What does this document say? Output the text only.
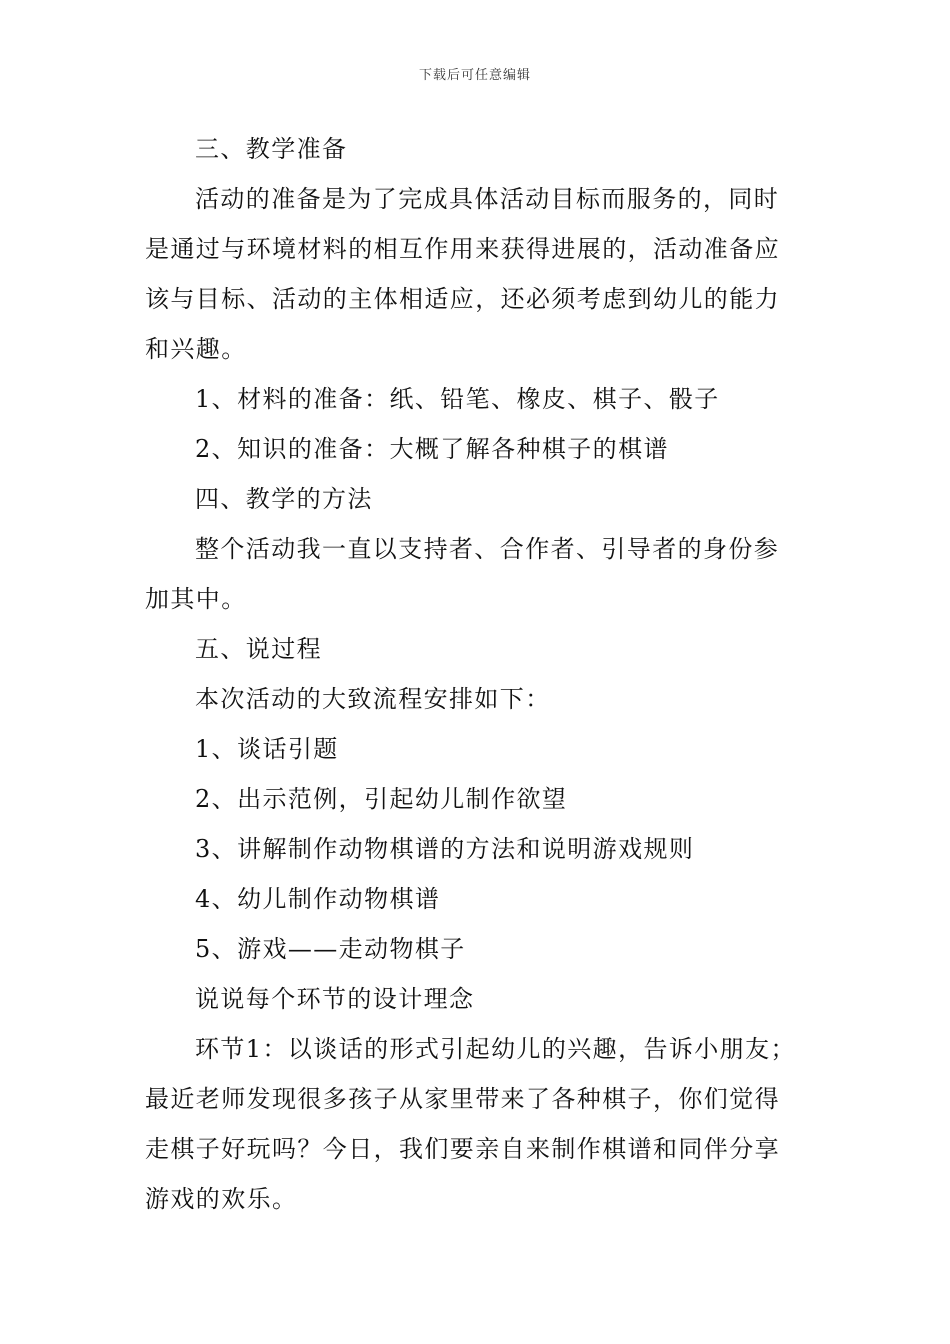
下载后可任意编辑
三、教学准备
活动的准备是为了完成具体活动目标而服务的，同时
是通过与环境材料的相互作用来获得进展的，活动准备应
该与目标、活动的主体相适应，还必须考虑到幼儿的能力
和兴趣。
1、材料的准备：纸、铅笔、橡皮、棋子、骰子
2、知识的准备：大概了解各种棋子的棋谱
四、教学的方法
整个活动我一直以支持者、合作者、引导者的身份参
加其中。
五、说过程
本次活动的大致流程安排如下：
1、谈话引题
2、出示范例，引起幼儿制作欲望
3、讲解制作动物棋谱的方法和说明游戏规则
4、幼儿制作动物棋谱
5、游戏——走动物棋子
说说每个环节的设计理念
环节1：以谈话的形式引起幼儿的兴趣，告诉小朋友；
最近老师发现很多孩子从家里带来了各种棋子，你们觉得
走棋子好玩吗？今日，我们要亲自来制作棋谱和同伴分享
游戏的欢乐。
